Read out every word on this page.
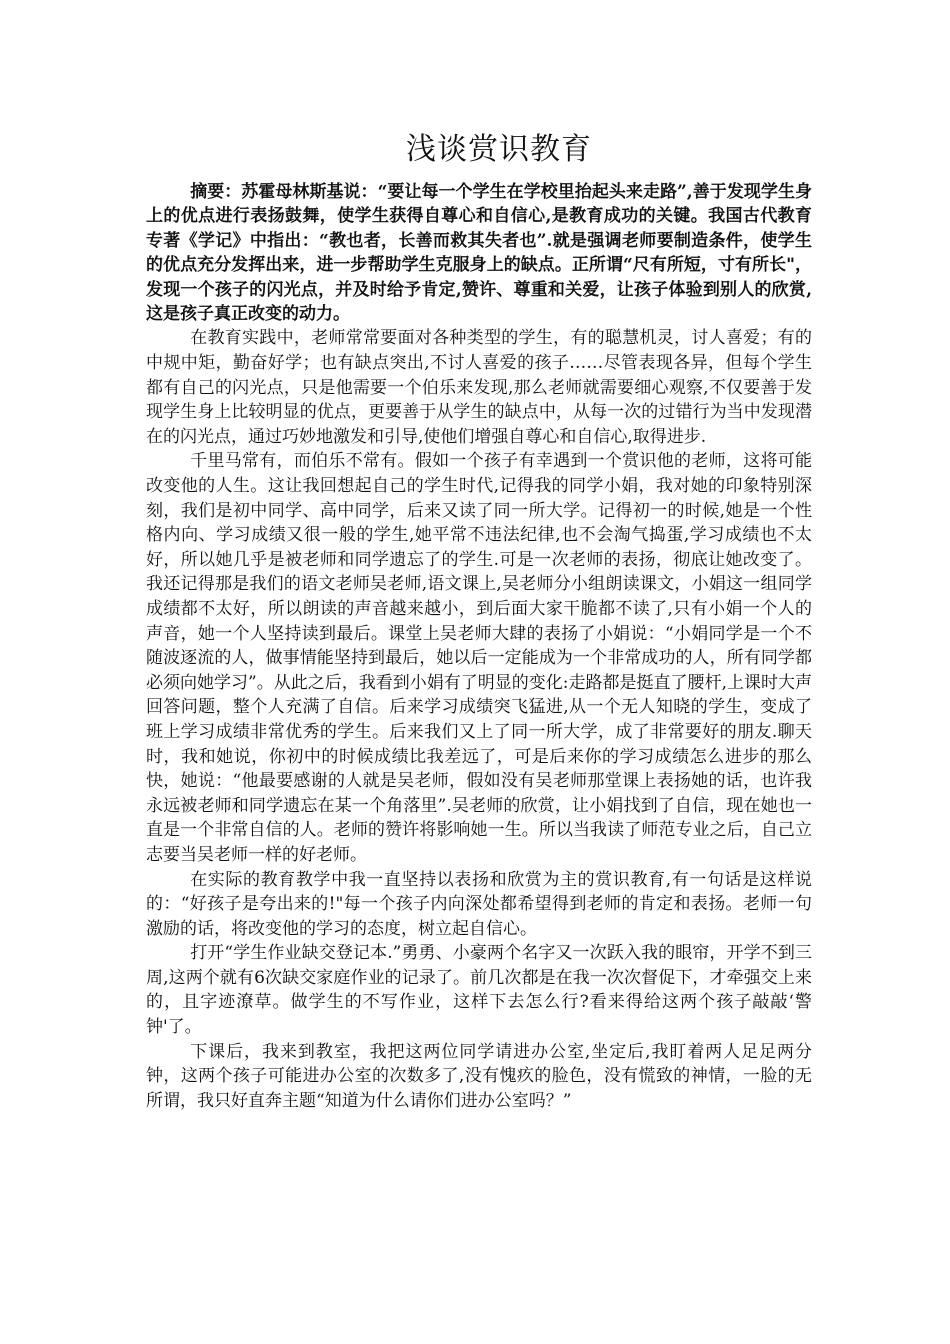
浅谈赏识教育

摘要：苏霍母林斯基说：“要让每一个学生在学校里抬起头来走路”,善于发现学生身上的优点进行表扬鼓舞，使学生获得自尊心和自信心,是教育成功的关键。我国古代教育专著《学记》中指出：“教也者，长善而救其失者也”.就是强调老师要制造条件，使学生的优点充分发挥出来，进一步帮助学生克服身上的缺点。正所谓“尺有所短，寸有所长"，发现一个孩子的闪光点，并及时给予肯定,赞许、尊重和关爱，让孩子体验到别人的欣赏,这是孩子真正改变的动力。

在教育实践中，老师常常要面对各种类型的学生，有的聪慧机灵，讨人喜爱；有的中规中矩，勤奋好学；也有缺点突出,不讨人喜爱的孩子……尽管表现各异，但每个学生都有自己的闪光点，只是他需要一个伯乐来发现,那么老师就需要细心观察,不仅要善于发现学生身上比较明显的优点，更要善于从学生的缺点中，从每一次的过错行为当中发现潜在的闪光点，通过巧妙地激发和引导,使他们增强自尊心和自信心,取得进步.

千里马常有，而伯乐不常有。假如一个孩子有幸遇到一个赏识他的老师，这将可能改变他的人生。这让我回想起自己的学生时代,记得我的同学小娟，我对她的印象特别深刻，我们是初中同学、高中同学，后来又读了同一所大学。记得初一的时候,她是一个性格内向、学习成绩又很一般的学生,她平常不违法纪律,也不会淘气捣蛋,学习成绩也不太好，所以她几乎是被老师和同学遗忘了的学生.可是一次老师的表扬，彻底让她改变了。我还记得那是我们的语文老师吴老师,语文课上,吴老师分小组朗读课文，小娟这一组同学成绩都不太好，所以朗读的声音越来越小，到后面大家干脆都不读了,只有小娟一个人的声音，她一个人坚持读到最后。课堂上吴老师大肆的表扬了小娟说：“小娟同学是一个不随波逐流的人，做事情能坚持到最后，她以后一定能成为一个非常成功的人，所有同学都必须向她学习”。从此之后，我看到小娟有了明显的变化:走路都是挺直了腰杆,上课时大声回答问题，整个人充满了自信。后来学习成绩突飞猛进,从一个无人知晓的学生，变成了班上学习成绩非常优秀的学生。后来我们又上了同一所大学，成了非常要好的朋友.聊天时，我和她说，你初中的时候成绩比我差远了，可是后来你的学习成绩怎么进步的那么快，她说：“他最要感谢的人就是吴老师，假如没有吴老师那堂课上表扬她的话，也许我永远被老师和同学遗忘在某一个角落里”.吴老师的欣赏，让小娟找到了自信，现在她也一直是一个非常自信的人。老师的赞许将影响她一生。所以当我读了师范专业之后，自己立志要当吴老师一样的好老师。

在实际的教育教学中我一直坚持以表扬和欣赏为主的赏识教育,有一句话是这样说的：“好孩子是夸出来的!"每一个孩子内向深处都希望得到老师的肯定和表扬。老师一句激励的话，将改变他的学习的态度，树立起自信心。

打开“学生作业缺交登记本.”勇勇、小豪两个名字又一次跃入我的眼帘，开学不到三周,这两个就有6次缺交家庭作业的记录了。前几次都是在我一次次督促下，才牵强交上来的，且字迹潦草。做学生的不写作业，这样下去怎么行?看来得给这两个孩子敲敲‘警钟'了。

下课后，我来到教室，我把这两位同学请进办公室,坐定后,我盯着两人足足两分钟，这两个孩子可能进办公室的次数多了,没有愧疚的脸色，没有慌致的神情，一脸的无所谓，我只好直奔主题“知道为什么请你们进办公室吗？”
